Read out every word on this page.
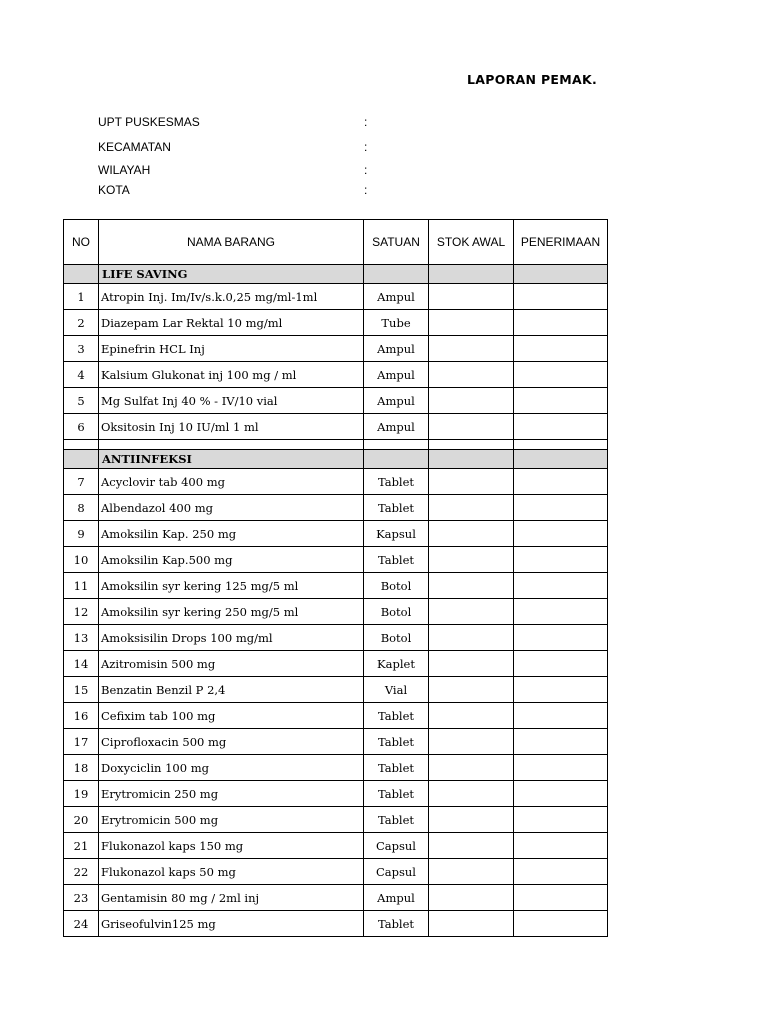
LAPORAN PEMAK.
UPT PUSKESMAS	:
KECAMATAN	:
WILAYAH	:
KOTA	:
NO	NAMA BARANG	SATUAN	STOK AWAL	PENERIMAAN
	LIFE SAVING			
1	Atropin Inj. Im/Iv/s.k.0,25 mg/ml-1ml	Ampul		
2	Diazepam Lar Rektal 10 mg/ml	Tube		
3	Epinefrin HCL Inj	Ampul		
4	Kalsium Glukonat inj 100 mg / ml	Ampul		
5	Mg Sulfat Inj 40 % - IV/10 vial	Ampul		
6	Oksitosin Inj 10 IU/ml 1 ml	Ampul		

	ANTIINFEKSI			
7	Acyclovir tab 400 mg	Tablet		
8	Albendazol 400 mg	Tablet		
9	Amoksilin Kap. 250 mg	Kapsul		
10	Amoksilin Kap.500 mg	Tablet		
11	Amoksilin syr kering 125 mg/5 ml	Botol		
12	Amoksilin syr kering 250 mg/5 ml	Botol		
13	Amoksisilin Drops 100 mg/ml	Botol		
14	Azitromisin 500 mg	Kaplet		
15	Benzatin Benzil P 2,4	Vial		
16	Cefixim tab 100 mg	Tablet		
17	Ciprofloxacin 500 mg	Tablet		
18	Doxyciclin 100 mg	Tablet		
19	Erytromicin 250 mg	Tablet		
20	Erytromicin 500 mg	Tablet		
21	Flukonazol kaps 150 mg	Capsul		
22	Flukonazol kaps 50 mg	Capsul		
23	Gentamisin 80 mg / 2ml inj	Ampul		
24	Griseofulvin125 mg	Tablet		
